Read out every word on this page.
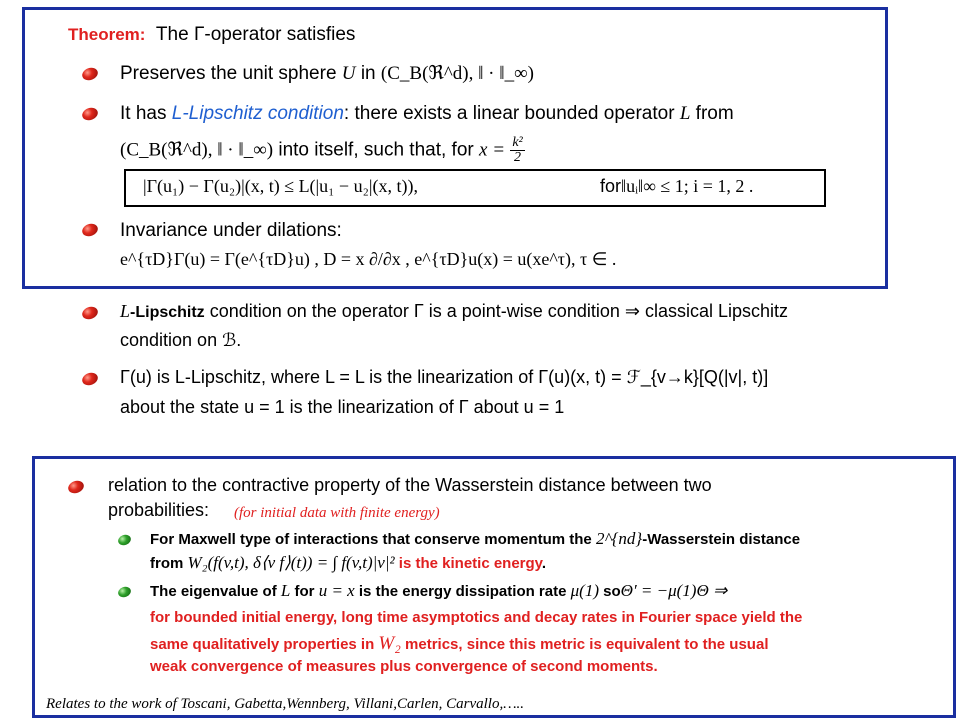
Theorem: The Γ-operator satisfies
Preserves the unit sphere U in (C_B(ℜ^d), ‖ · ‖_∞)
It has L-Lipschitz condition: there exists a linear bounded operator L from
(C_B(ℜ^d), ‖ · ‖_∞) into itself, such that, for $x = \frac{\text{k²}}{2}$
|Γ(u₁) − Γ(u₂)|(x, t) ≤ L(|u₁ − u₂|(x, t)),	for‖uᵢ‖∞ ≤ 1; i = 1, 2 .
Invariance under dilations:
e^{τD}Γ(u) = Γ(e^{τD}u) , D = x ∂/∂x , e^{τD}u(x) = u(xe^τ), τ ∈ .
L-Lipschitz condition on the operator Γ is a point-wise condition ⇒ classical Lipschitz
condition on ℬ.
Γ(u) is L-Lipschitz, where L = L is the linearization of Γ(u)(x, t) = ℱ_{v→k}[Q(|v|, t)]
about the state u = 1 is the linearization of Γ about u = 1
relation to the contractive property of the Wasserstein distance between two
probabilities: (for initial data with finite energy)
For Maxwell type of interactions that conserve momentum the 2^{nd}-Wasserstein distance
from W₂(f(v,t), δ⟨v f⟩(t)) = ∫ f(v,t)|v|² is the kinetic energy.
The eigenvalue of L for u = x is the energy dissipation rate μ(1) soΘ′ = −μ(1)Θ ⇒
for bounded initial energy, long time asymptotics and decay rates in Fourier space yield the
same qualitatively properties in W₂ metrics, since this metric is equivalent to the usual
weak convergence of measures plus convergence of second moments.
Relates to the work of Toscani, Gabetta,Wennberg, Villani,Carlen, Carvallo,…..
